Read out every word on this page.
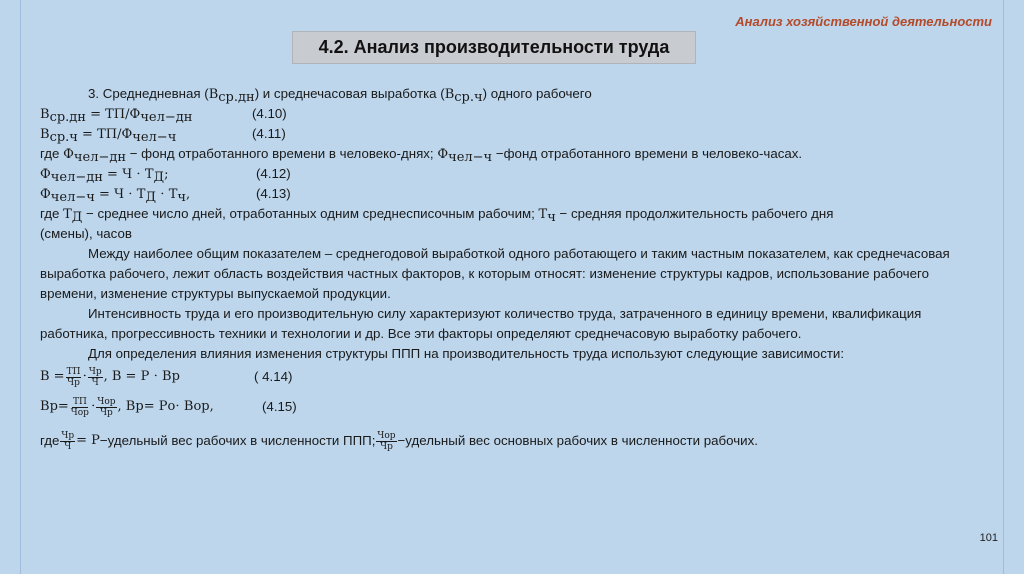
Анализ хозяйственной деятельности
4.2. Анализ производительности труда
3. Среднедневная $(В_{ср.дн})$ и среднечасовая выработка $(В_{ср.ч})$ одного рабочего
$В_{ср.дн} = ТП/Ф_{чел-дн}$	(4.10)
$В_{ср.ч} = ТП/Ф_{чел-ч}$	(4.11)
где $Ф_{чел-дн}$ − фонд отработанного времени в человеко-днях; $Ф_{чел-ч}$ −фонд отработанного времени в человеко-часах.
$Ф_{чел-дн} = Ч \cdot Т_Д$;	(4.12)
$Ф_{чел-ч} = Ч \cdot Т_Д \cdot Т_ч$,	(4.13)
где $Т_Д$ − среднее число дней, отработанных одним среднесписочным рабочим; $Т_ч$ − средняя продолжительность рабочего дня
(смены), часов
Между наиболее общим показателем – среднегодовой выработкой одного работающего и таким частным показателем, как среднечасовая выработка рабочего, лежит область воздействия частных факторов, к которым относят: изменение структуры кадров, использование рабочего времени, изменение структуры выпускаемой продукции.
Интенсивность труда и его производительную силу характеризуют количество труда, затраченного в единицу времени, квалификация работника, прогрессивность техники и технологии и др. Все эти факторы определяют среднечасовую выработку рабочего.
Для определения влияния изменения структуры ППП на производительность труда используют следующие зависимости:
$В = \frac{ТП}{Чр} \cdot \frac{Чр}{Ч}$ , В = Р ⋅ В р	( 4.14)
В $р = \frac{ТП}{\text{Чор}} \cdot \frac{\text{Чор}}{Чр}$ , В р = Р о ⋅ В ор ,	(4.15)
где $\frac{Чр}{Ч} = Р$ −удельный вес рабочих в численности ППП; $\frac{\text{Чор}}{Чр}$ −удельный вес основных рабочих в численности рабочих.
101
